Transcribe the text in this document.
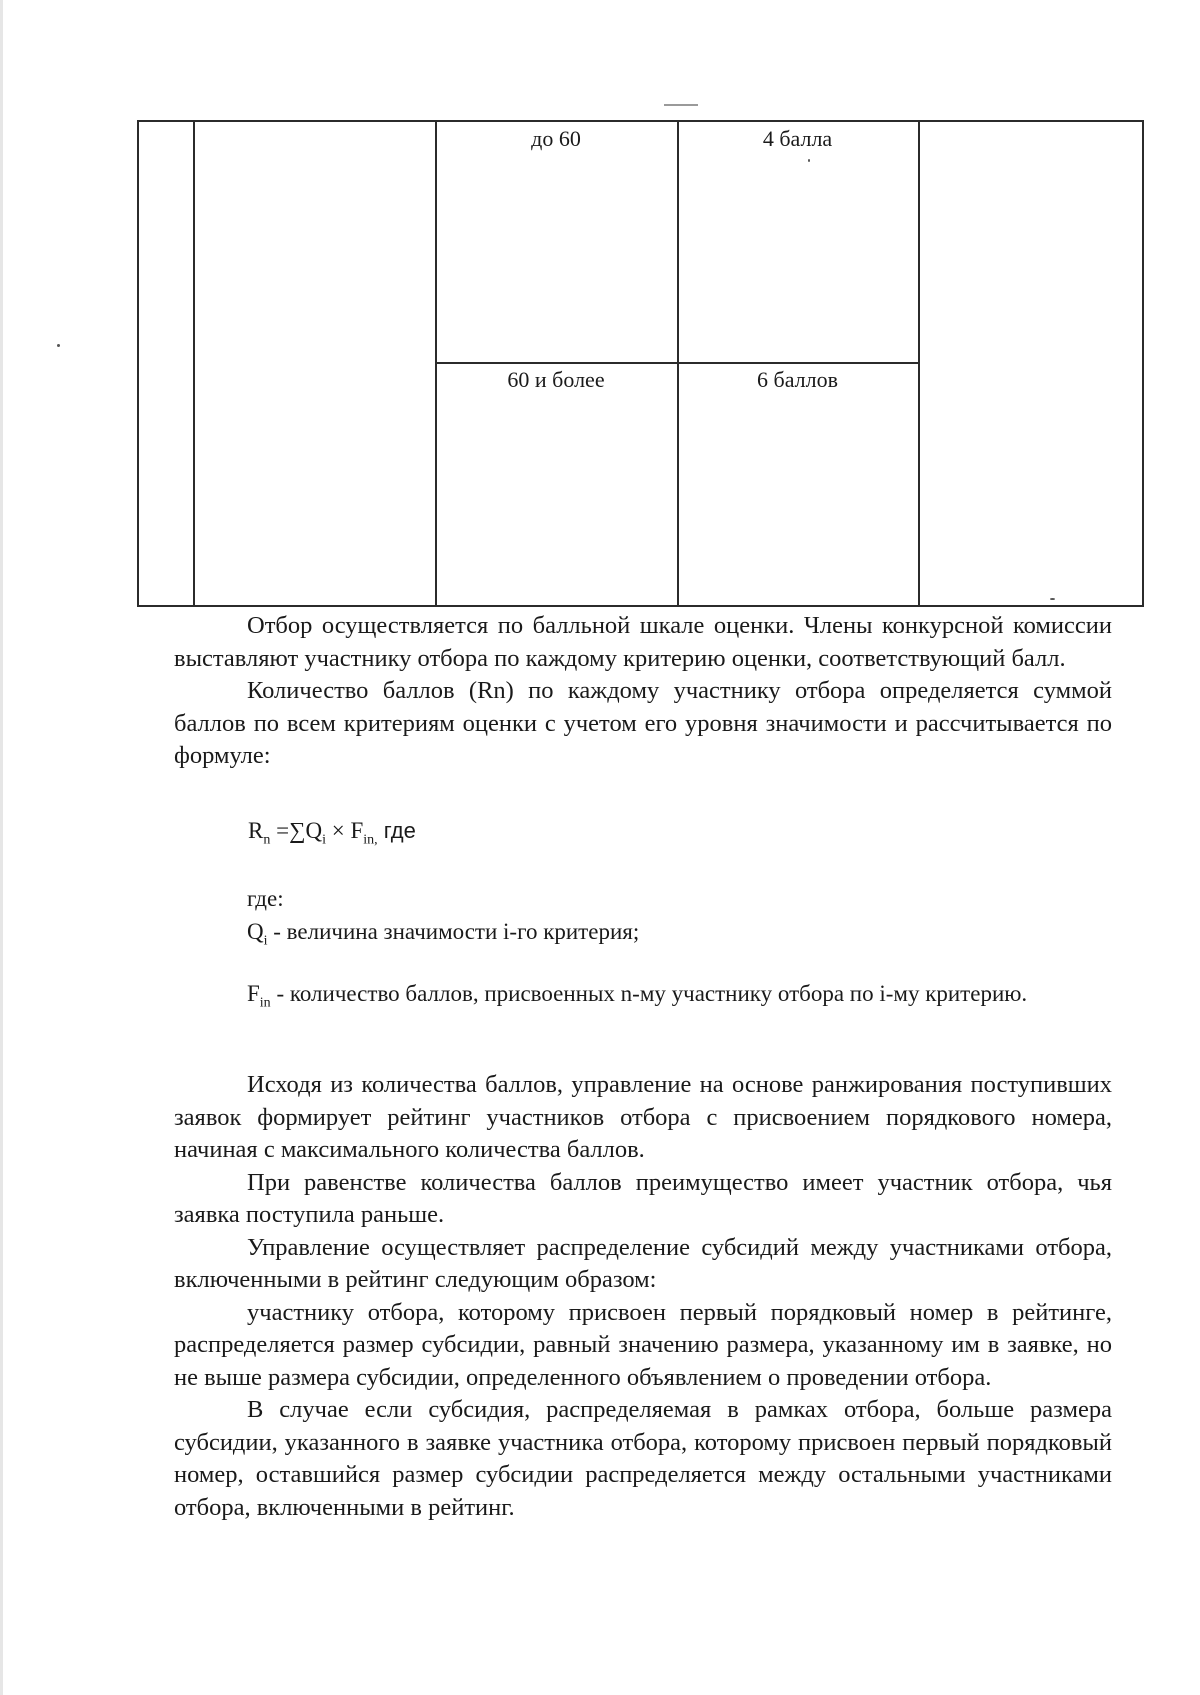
до 60	4 балла
60 и более	6 баллов

Отбор осуществляется по балльной шкале оценки. Члены конкурсной комиссии выставляют участнику отбора по каждому критерию оценки, соответствующий балл.

Количество баллов (Rn) по каждому участнику отбора определяется суммой баллов по всем критериям оценки с учетом его уровня значимости и рассчитывается по формуле:

$R_n =\sum Q_i \times F_{in,}$ где

где:

$Q_i$ - величина значимости i-го критерия;

$F_{in}$ - количество баллов, присвоенных n-му участнику отбора по i-му критерию.

Исходя из количества баллов, управление на основе ранжирования поступивших заявок формирует рейтинг участников отбора с присвоением порядкового номера, начиная с максимального количества баллов.

При равенстве количества баллов преимущество имеет участник отбора, чья заявка поступила раньше.

Управление осуществляет распределение субсидий между участниками отбора, включенными в рейтинг следующим образом:

участнику отбора, которому присвоен первый порядковый номер в рейтинге, распределяется размер субсидии, равный значению размера, указанному им в заявке, но не выше размера субсидии, определенного объявлением о проведении отбора.

В случае если субсидия, распределяемая в рамках отбора, больше размера субсидии, указанного в заявке участника отбора, которому присвоен первый порядковый номер, оставшийся размер субсидии распределяется между остальными участниками отбора, включенными в рейтинг.
